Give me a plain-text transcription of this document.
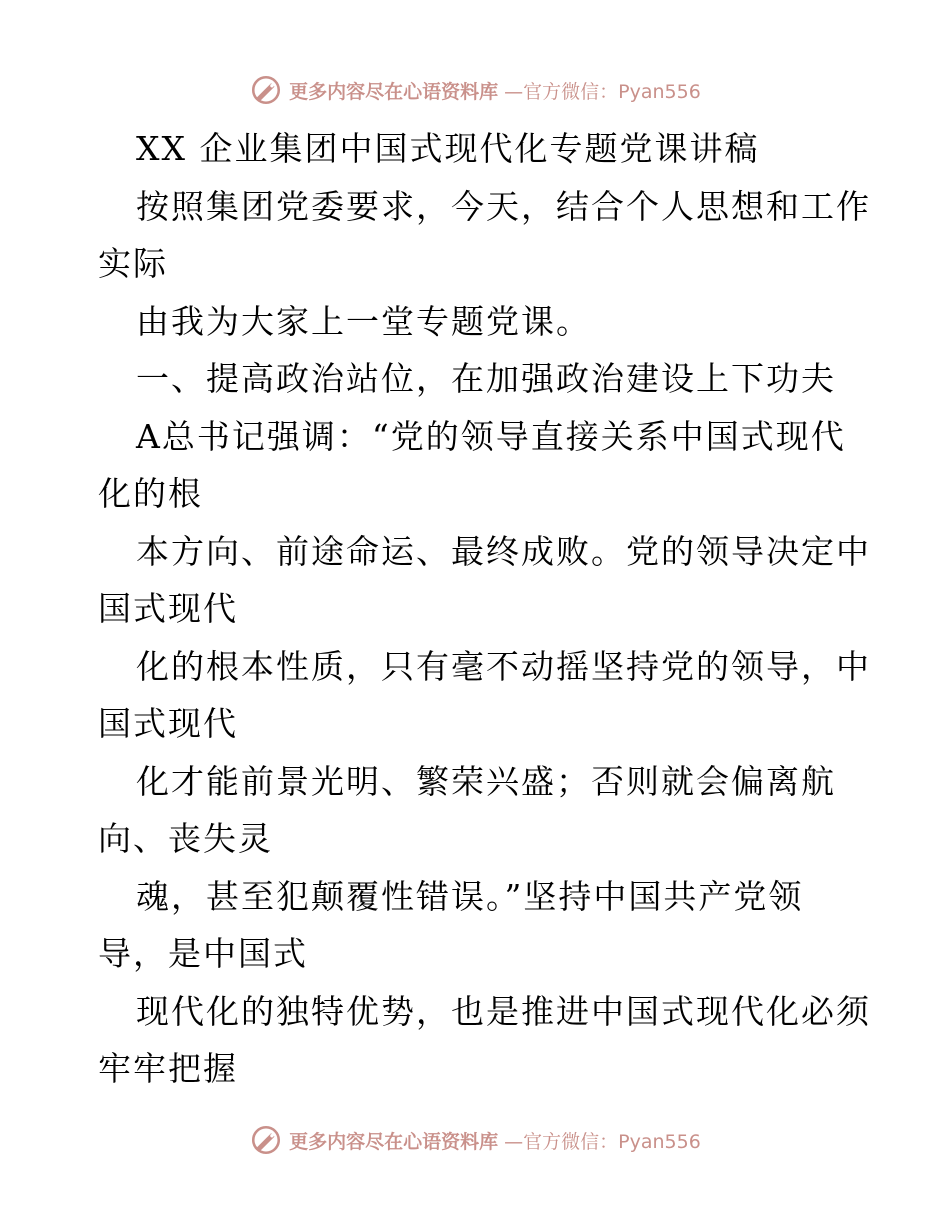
更多内容尽在心语资料库 —官方微信：Pyan556
XX 企业集团中国式现代化专题党课讲稿
按照集团党委要求，今天，结合个人思想和工作
实际
由我为大家上一堂专题党课。
一、提高政治站位，在加强政治建设上下功夫
A总书记强调：“党的领导直接关系中国式现代
化的根
本方向、前途命运、最终成败。党的领导决定中
国式现代
化的根本性质，只有毫不动摇坚持党的领导，中
国式现代
化才能前景光明、繁荣兴盛；否则就会偏离航
向、丧失灵
魂，甚至犯颠覆性错误。”坚持中国共产党领
导，是中国式
现代化的独特优势，也是推进中国式现代化必须
牢牢把握
更多内容尽在心语资料库 —官方微信：Pyan556
